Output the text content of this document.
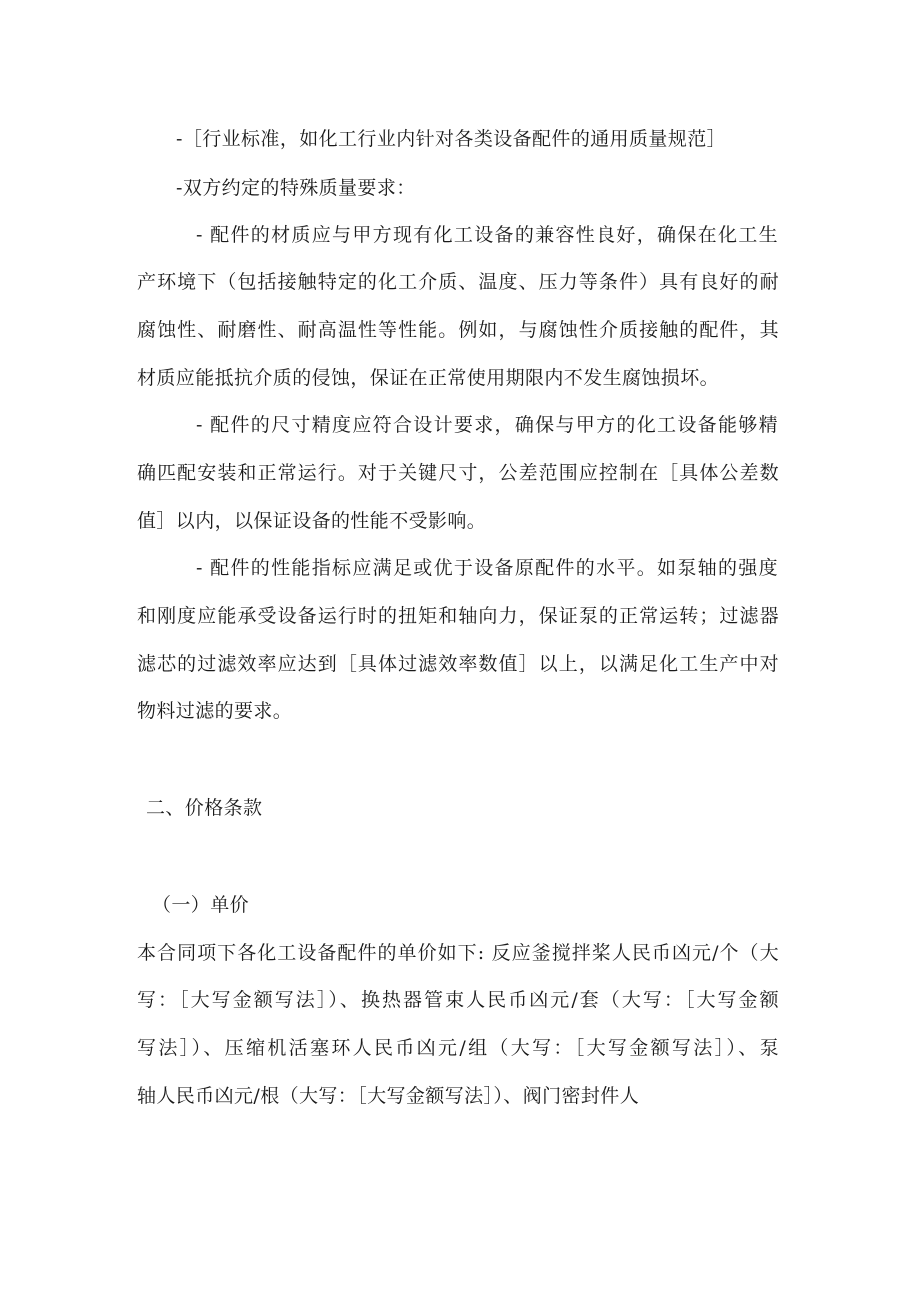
-［行业标准，如化工行业内针对各类设备配件的通用质量规范］
-双方约定的特殊质量要求：
- 配件的材质应与甲方现有化工设备的兼容性良好，确保在化工生
产环境下（包括接触特定的化工介质、温度、压力等条件）具有良好的耐
腐蚀性、耐磨性、耐高温性等性能。例如，与腐蚀性介质接触的配件，其
材质应能抵抗介质的侵蚀，保证在正常使用期限内不发生腐蚀损坏。
- 配件的尺寸精度应符合设计要求，确保与甲方的化工设备能够精
确匹配安装和正常运行。对于关键尺寸，公差范围应控制在［具体公差数
值］以内，以保证设备的性能不受影响。
- 配件的性能指标应满足或优于设备原配件的水平。如泵轴的强度
和刚度应能承受设备运行时的扭矩和轴向力，保证泵的正常运转；过滤器
滤芯的过滤效率应达到［具体过滤效率数值］以上，以满足化工生产中对
物料过滤的要求。
二、价格条款
（一）单价
本合同项下各化工设备配件的单价如下: 反应釜搅拌桨人民币凶元/个（大
写：［大写金额写法］）、换热器管束人民币凶元/套（大写：［大写金额
写法］）、压缩机活塞环人民币凶元/组（大写：［大写金额写法］）、泵
轴人民币凶元/根（大写：［大写金额写法］）、阀门密封件人
